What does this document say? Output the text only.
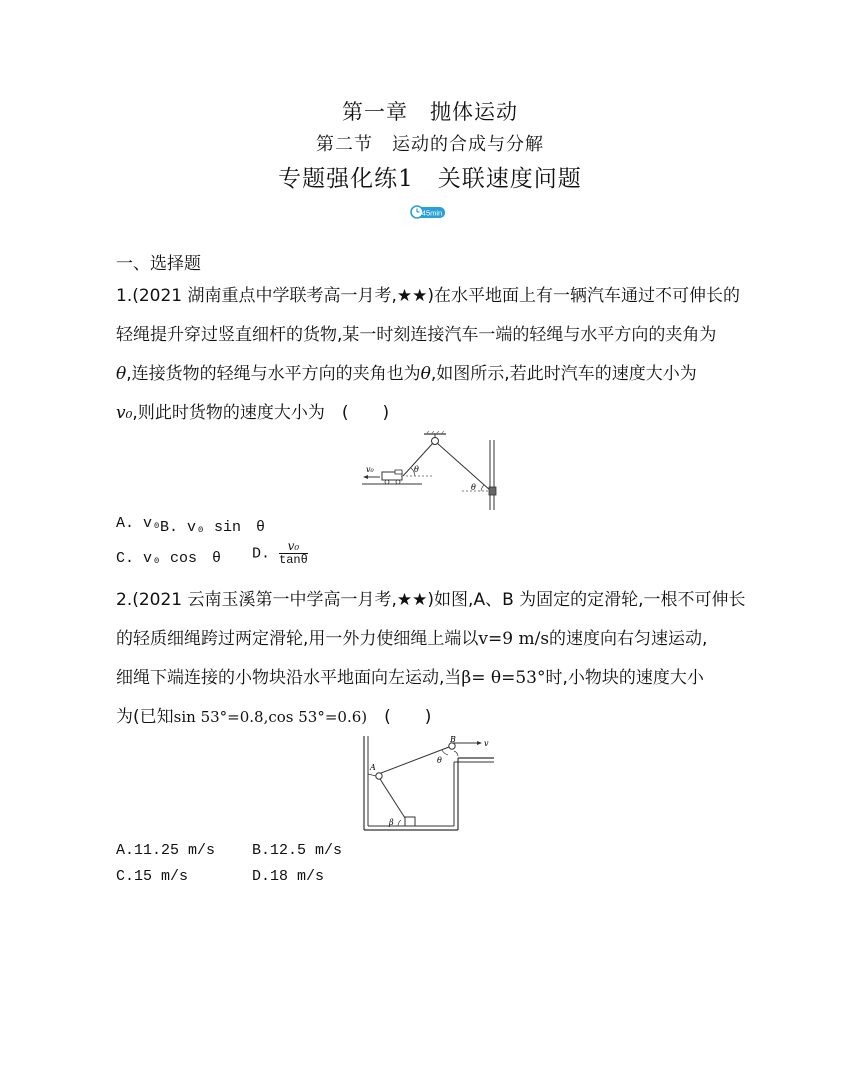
第一章　抛体运动
第二节　运动的合成与分解
专题强化练1　关联速度问题
45min
一、选择题
1.(2021 湖南重点中学联考高一月考,★★)在水平地面上有一辆汽车通过不可伸长的
轻绳提升穿过竖直细杆的货物,某一时刻连接汽车一端的轻绳与水平方向的夹角为
θ,连接货物的轻绳与水平方向的夹角也为θ,如图所示,若此时汽车的速度大小为
v₀,则此时货物的速度大小为　(　　)
v₀	θ
θ
A. v₀
B. v₀ sin　θ
C. v₀ cos　θ D. $\frac{\text{v₀}}{\tan\theta}$
2.(2021 云南玉溪第一中学高一月考,★★)如图,A、B 为固定的定滑轮,一根不可伸长
的轻质细绳跨过两定滑轮,用一外力使细绳上端以v=9 m/s的速度向右匀速运动,
细绳下端连接的小物块沿水平地面向左运动,当β= θ=53°时,小物块的速度大小
为(已知sin 53°=0.8,cos 53°=0.6)　(　　)
A
B	v
θ
β
A.11.25 m/s B.12.5 m/s
C.15 m/s	D.18 m/s
